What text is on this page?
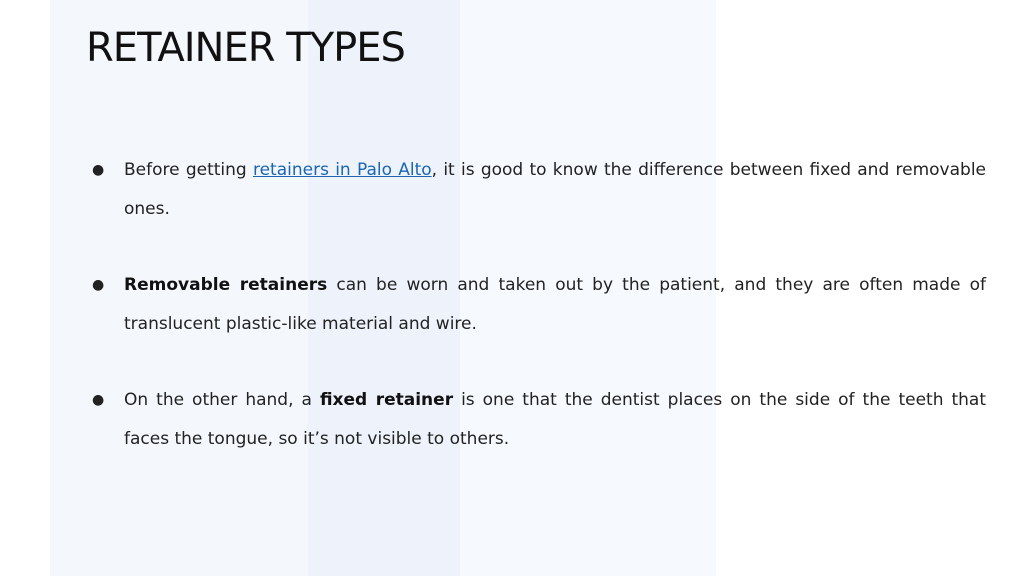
RETAINER TYPES
● Before getting retainers in Palo Alto, it is good to know the difference between fixed and removable ones.
● Removable retainers can be worn and taken out by the patient, and they are often made of translucent plastic-like material and wire.
● On the other hand, a fixed retainer is one that the dentist places on the side of the teeth that faces the tongue, so it’s not visible to others.
